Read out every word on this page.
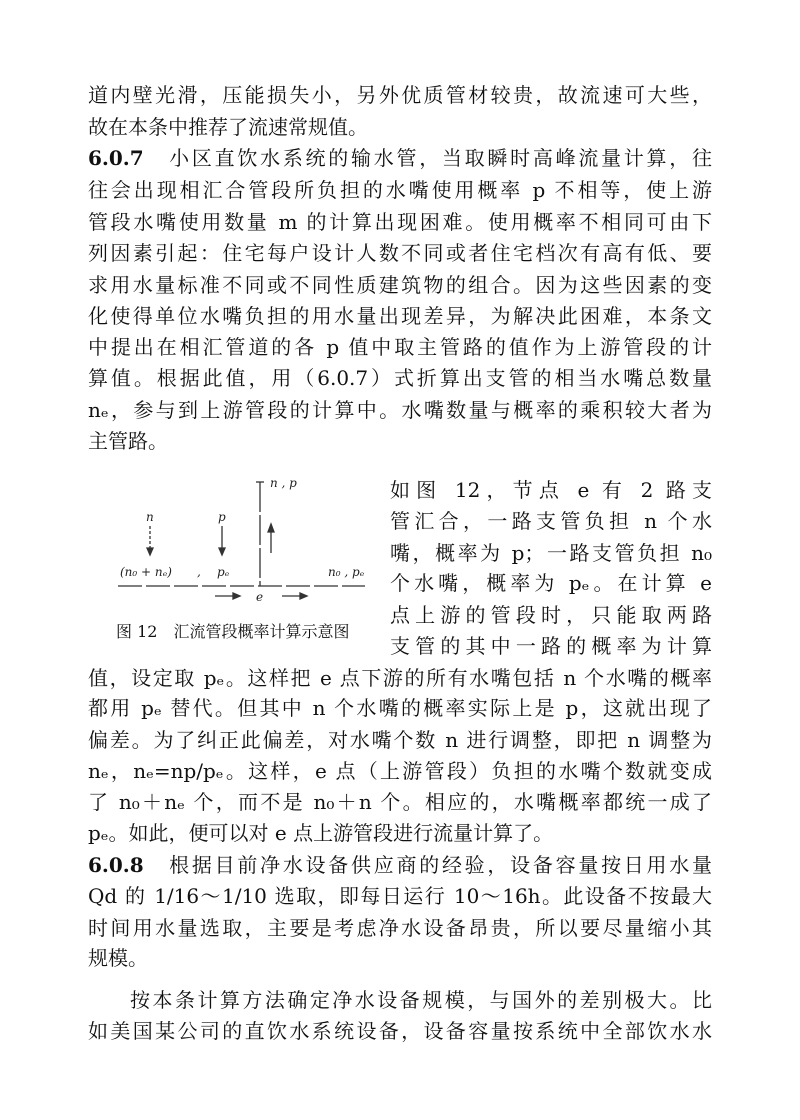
道内壁光滑，压能损失小，另外优质管材较贵，故流速可大些，
故在本条中推荐了流速常规值。
6.0.7　小区直饮水系统的输水管，当取瞬时高峰流量计算，往
往会出现相汇合管段所负担的水嘴使用概率 p 不相等，使上游
管段水嘴使用数量 m 的计算出现困难。使用概率不相同可由下
列因素引起：住宅每户设计人数不同或者住宅档次有高有低、要
求用水量标准不同或不同性质建筑物的组合。因为这些因素的变
化使得单位水嘴负担的用水量出现差异，为解决此困难，本条文
中提出在相汇管道的各 p 值中取主管路的值作为上游管段的计
算值。根据此值，用（6.0.7）式折算出支管的相当水嘴总数量
nₑ，参与到上游管段的计算中。水嘴数量与概率的乘积较大者为
主管路。
如图 12，节点 e 有 2 路支
管汇合，一路支管负担 n 个水
嘴，概率为 p；一路支管负担 n₀
个水嘴，概率为 pₑ。在计算 e
点上游的管段时，只能取两路
支管的其中一路的概率为计算
值，设定取 pₑ。这样把 e 点下游的所有水嘴包括 n 个水嘴的概率
都用 pₑ 替代。但其中 n 个水嘴的概率实际上是 p，这就出现了
偏差。为了纠正此偏差，对水嘴个数 n 进行调整，即把 n 调整为
nₑ，nₑ=np/pₑ。这样，e 点（上游管段）负担的水嘴个数就变成
了 n₀＋nₑ 个，而不是 n₀＋n 个。相应的，水嘴概率都统一成了
pₑ。如此，便可以对 e 点上游管段进行流量计算了。
6.0.8　根据目前净水设备供应商的经验，设备容量按日用水量
Qd 的 1/16～1/10 选取，即每日运行 10～16h。此设备不按最大
时间用水量选取，主要是考虑净水设备昂贵，所以要尽量缩小其
规模。
按本条计算方法确定净水设备规模，与国外的差别极大。比
如美国某公司的直饮水系统设备，设备容量按系统中全部饮水水
n , p
n	p
(n₀ + nₑ) , pₑ	n₀ , pₑ
e
图 12　汇流管段概率计算示意图
